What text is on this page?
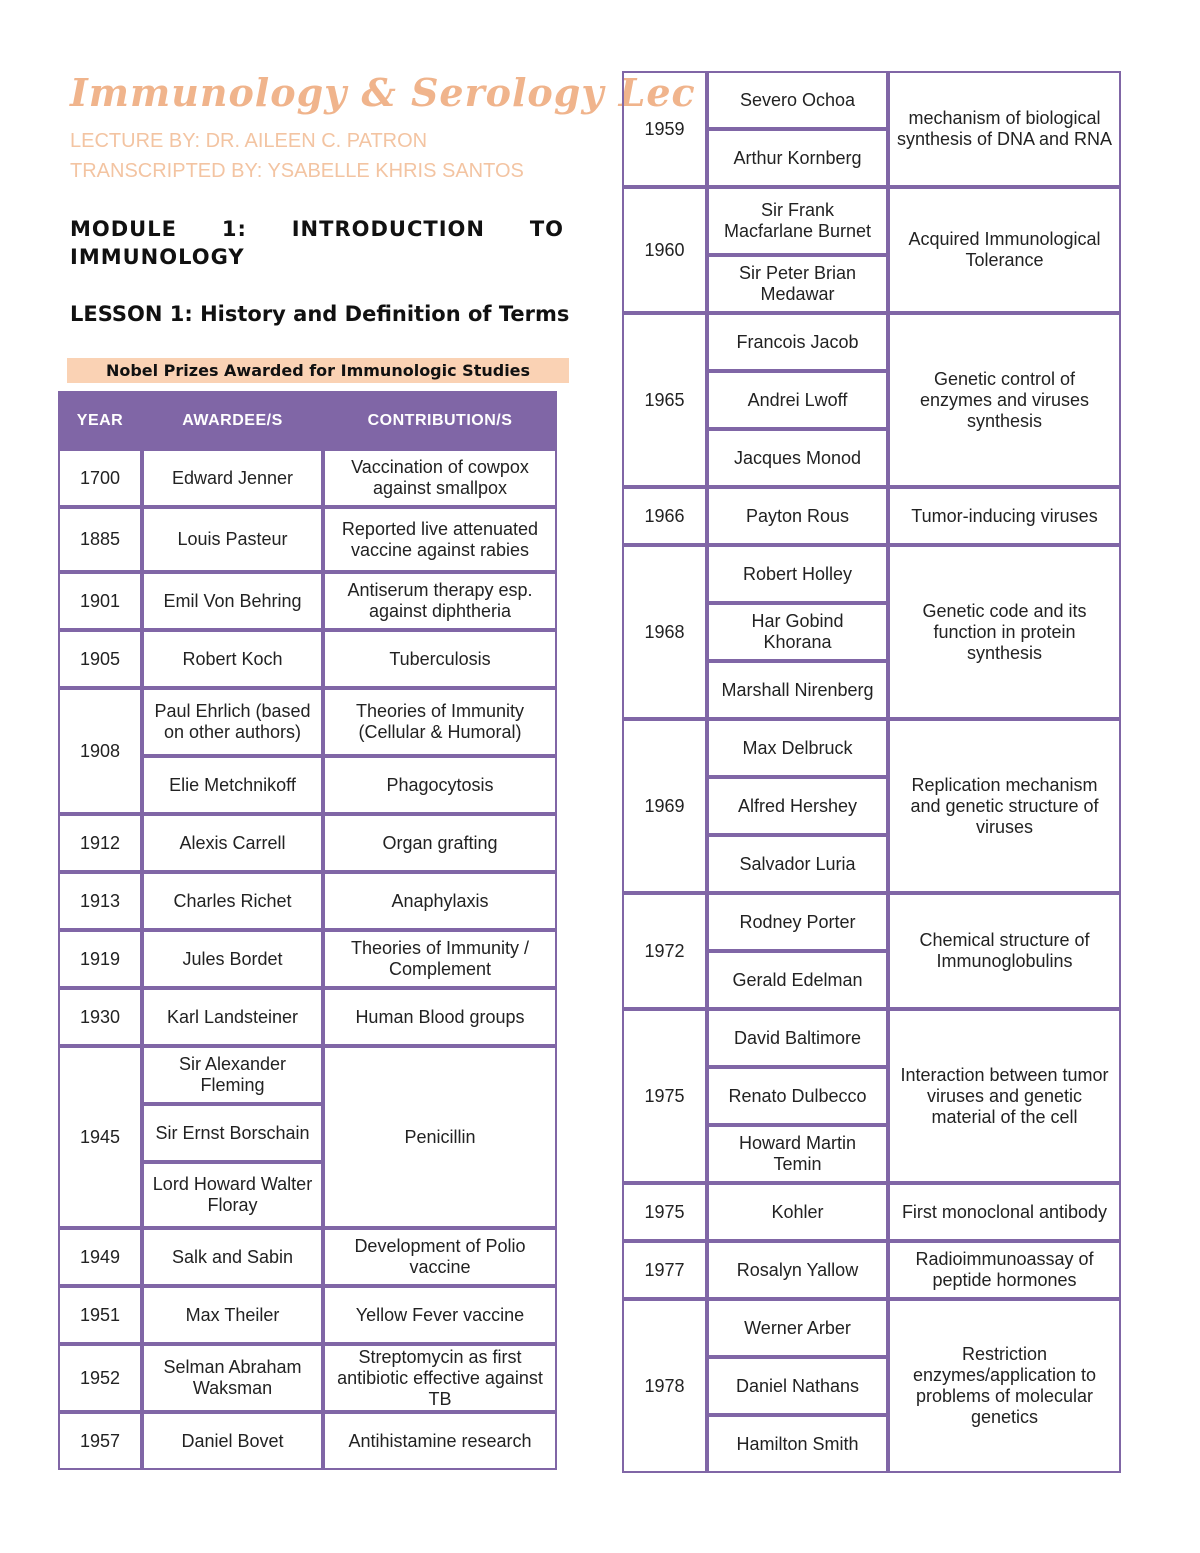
Immunology & Serology Lec
LECTURE BY: DR. AILEEN C. PATRON
TRANSCRIPTED BY: YSABELLE KHRIS SANTOS
MODULE 1: INTRODUCTION TO IMMUNOLOGY
LESSON 1: History and Definition of Terms
Nobel Prizes Awarded for Immunologic Studies
YEAR	AWARDEE/S	CONTRIBUTION/S
1700	Edward Jenner	Vaccination of cowpox against smallpox
1885	Louis Pasteur	Reported live attenuated vaccine against rabies
1901	Emil Von Behring	Antiserum therapy esp. against diphtheria
1905	Robert Koch	Tuberculosis
1908	Paul Ehrlich (based on other authors)	Theories of Immunity (Cellular & Humoral)
	Elie Metchnikoff	Phagocytosis
1912	Alexis Carrell	Organ grafting
1913	Charles Richet	Anaphylaxis
1919	Jules Bordet	Theories of Immunity / Complement
1930	Karl Landsteiner	Human Blood groups
1945	Sir Alexander Fleming	Penicillin
	Sir Ernst Borschain	
	Lord Howard Walter Floray	
1949	Salk and Sabin	Development of Polio vaccine
1951	Max Theiler	Yellow Fever vaccine
1952	Selman Abraham Waksman	Streptomycin as first antibiotic effective against TB
1957	Daniel Bovet	Antihistamine research
1959	Severo Ochoa	mechanism of biological synthesis of DNA and RNA
	Arthur Kornberg	
1960	Sir Frank Macfarlane Burnet	Acquired Immunological Tolerance
	Sir Peter Brian Medawar	
1965	Francois Jacob	Genetic control of enzymes and viruses synthesis
	Andrei Lwoff	
	Jacques Monod	
1966	Payton Rous	Tumor-inducing viruses
1968	Robert Holley	Genetic code and its function in protein synthesis
	Har Gobind Khorana	
	Marshall Nirenberg	
1969	Max Delbruck	Replication mechanism and genetic structure of viruses
	Alfred Hershey	
	Salvador Luria	
1972	Rodney Porter	Chemical structure of Immunoglobulins
	Gerald Edelman	
1975	David Baltimore	Interaction between tumor viruses and genetic material of the cell
	Renato Dulbecco	
	Howard Martin Temin	
1975	Kohler	First monoclonal antibody
1977	Rosalyn Yallow	Radioimmunoassay of peptide hormones
1978	Werner Arber	Restriction enzymes/application to problems of molecular genetics
	Daniel Nathans	
	Hamilton Smith	
